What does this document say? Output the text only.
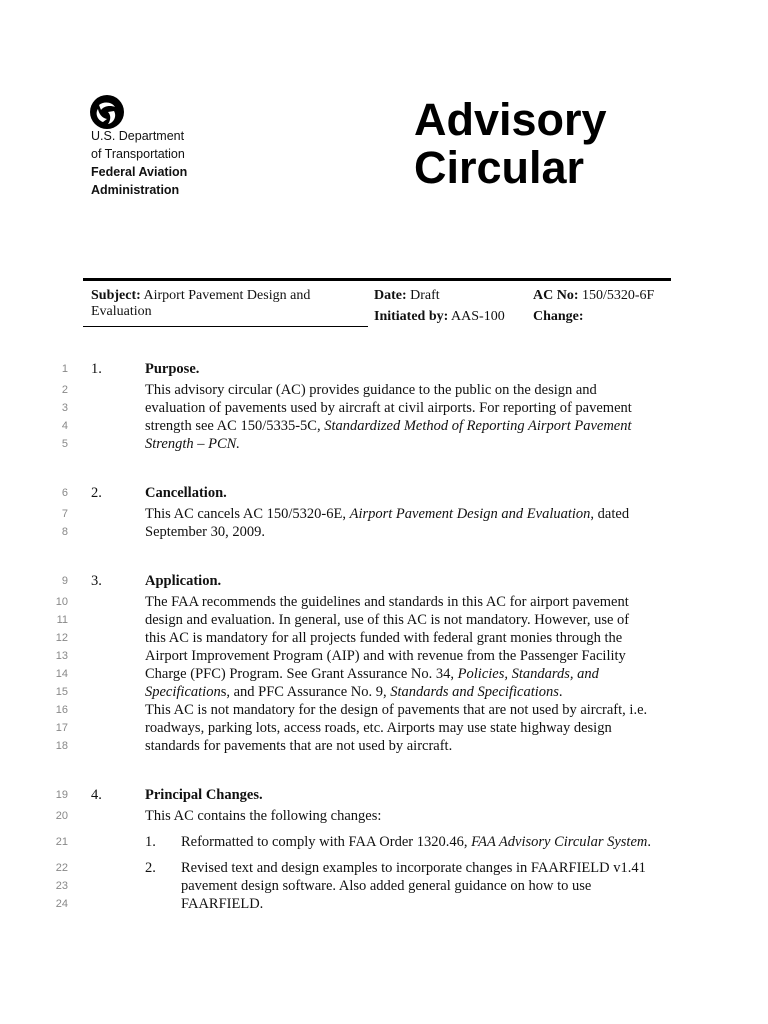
U.S. Department
of Transportation
Federal Aviation
Administration
Advisory
Circular
Subject: Airport Pavement Design and
Evaluation
Date: Draft
Initiated by: AAS-100
AC No: 150/5320-6F
Change:
1
2
3
4
5
6
7
8
9
10
11
12
13
14
15
16
17
18
19
20
21
22
23
24
1.	Purpose.
This advisory circular (AC) provides guidance to the public on the design and
evaluation of pavements used by aircraft at civil airports. For reporting of pavement
strength see AC 150/5335-5C, Standardized Method of Reporting Airport Pavement
Strength – PCN.
2.	Cancellation.
This AC cancels AC 150/5320-6E, Airport Pavement Design and Evaluation, dated
September 30, 2009.
3.	Application.
The FAA recommends the guidelines and standards in this AC for airport pavement
design and evaluation. In general, use of this AC is not mandatory. However, use of
this AC is mandatory for all projects funded with federal grant monies through the
Airport Improvement Program (AIP) and with revenue from the Passenger Facility
Charge (PFC) Program. See Grant Assurance No. 34, Policies, Standards, and
Specifications, and PFC Assurance No. 9, Standards and Specifications.
This AC is not mandatory for the design of pavements that are not used by aircraft, i.e.
roadways, parking lots, access roads, etc. Airports may use state highway design
standards for pavements that are not used by aircraft.
4.	Principal Changes.
This AC contains the following changes:
1. Reformatted to comply with FAA Order 1320.46, FAA Advisory Circular System.
2. Revised text and design examples to incorporate changes in FAARFIELD v1.41
pavement design software. Also added general guidance on how to use
FAARFIELD.
